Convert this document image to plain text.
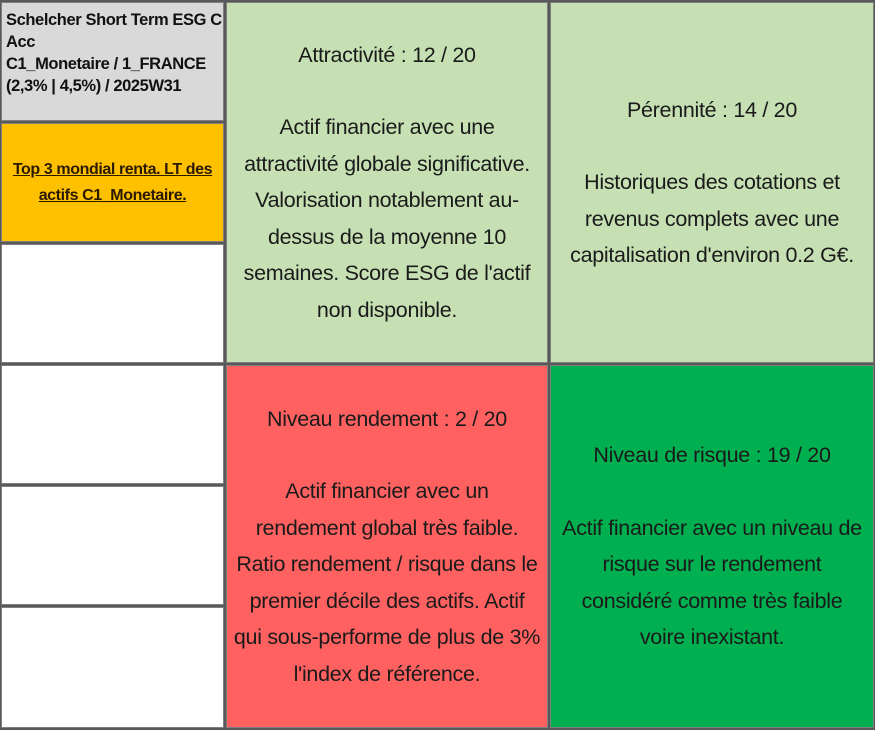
Schelcher Short Term ESG C
Acc
C1_Monetaire / 1_FRANCE
(2,3% | 4,5%) / 2025W31
Top 3 mondial renta. LT des actifs C1_Monetaire.
Attractivité : 12 / 20
Actif financier avec une attractivité globale significative. Valorisation notablement au-dessus de la moyenne 10 semaines. Score ESG de l'actif non disponible.
Pérennité : 14 / 20
Historiques des cotations et revenus complets avec une capitalisation d'environ 0.2 G€.
Niveau rendement : 2 / 20
Actif financier avec un rendement global très faible. Ratio rendement / risque dans le premier décile des actifs. Actif qui sous-performe de plus de 3% l'index de référence.
Niveau de risque : 19 / 20
Actif financier avec un niveau de risque sur le rendement considéré comme très faible voire inexistant.
